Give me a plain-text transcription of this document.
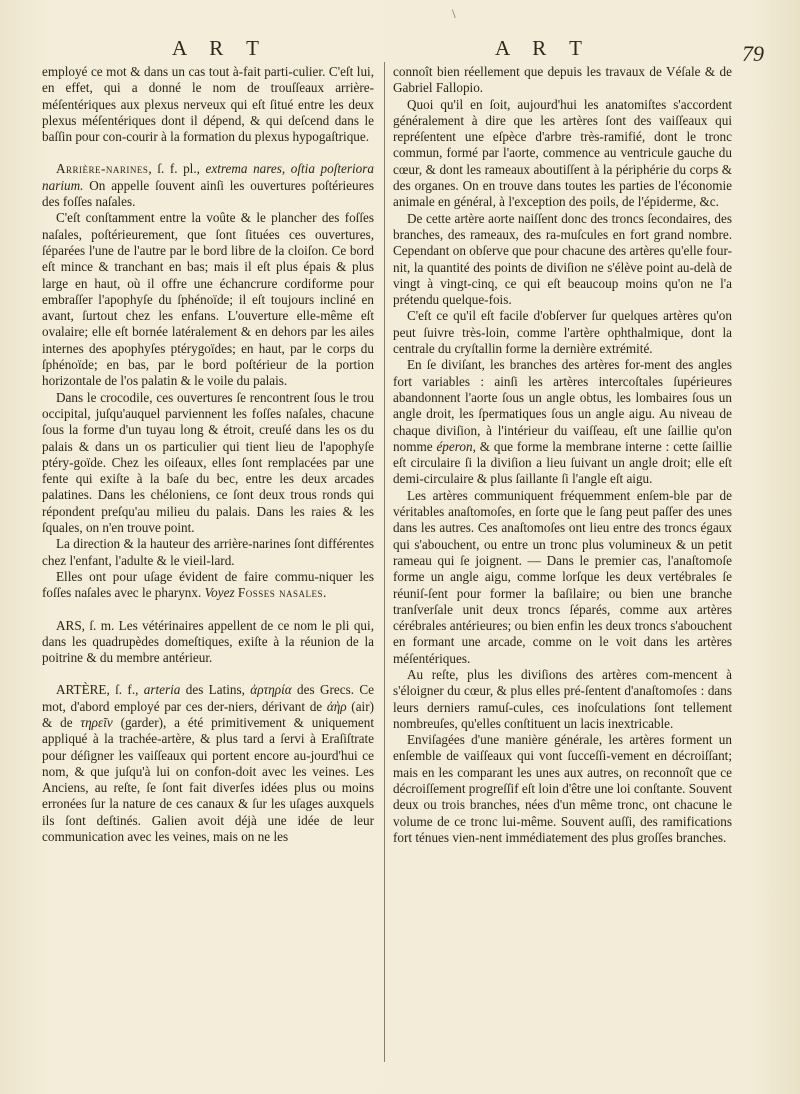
\
A R T	A R T	79

employé ce mot & dans un cas tout à-fait parti-culier. C'eſt lui, en effet, qui a donné le nom de trouſſeaux arrière-méſentériques aux plexus nerveux qui eſt ſitué entre les deux plexus méſentériques dont il dépend, & qui deſcend dans le baſſin pour con-courir à la formation du plexus hypogaſtrique.

Arrière-narines, ſ. f. pl., extrema nares, oſtia poſteriora narium. On appelle ſouvent ainſi les ouvertures poſtérieures des foſſes naſales.

C'eſt conſtamment entre la voûte & le plancher des foſſes naſales, poſtérieurement, que ſont ſituées ces ouvertures, ſéparées l'une de l'autre par le bord libre de la cloiſon. Ce bord eſt mince & tranchant en bas; mais il eſt plus épais & plus large en haut, où il offre une échancrure cordiforme pour embraſſer l'apophyſe du ſphénoïde; il eſt toujours incliné en avant, ſurtout chez les enfans. L'ouverture elle-même eſt ovalaire; elle eſt bornée latéralement & en dehors par les ailes internes des apophyſes ptérygoïdes; en haut, par le corps du ſphénoïde; en bas, par le bord poſtérieur de la portion horizontale de l'os palatin & le voile du palais.

Dans le crocodile, ces ouvertures ſe rencontrent ſous le trou occipital, juſqu'auquel parviennent les foſſes naſales, chacune ſous la forme d'un tuyau long & étroit, creuſé dans les os du palais & dans un os particulier qui tient lieu de l'apophyſe ptéry-goïde. Chez les oiſeaux, elles ſont remplacées par une fente qui exiſte à la baſe du bec, entre les deux arcades palatines. Dans les chéloniens, ce ſont deux trous ronds qui répondent preſqu'au milieu du palais. Dans les raies & les ſquales, on n'en trouve point.

La direction & la hauteur des arrière-narines ſont différentes chez l'enfant, l'adulte & le vieil-lard.

Elles ont pour uſage évident de faire commu-niquer les foſſes naſales avec le pharynx. Voyez Fosses nasales.

ARS, ſ. m. Les vétérinaires appellent de ce nom le pli qui, dans les quadrupèdes domeſtiques, exiſte à la réunion de la poitrine & du membre antérieur.

ARTÈRE, ſ. f., arteria des Latins, ἀρτηρία des Grecs. Ce mot, d'abord employé par ces der-niers, dérivant de ἀὴρ (air) & de τηρεῖν (garder), a été primitivement & uniquement appliqué à la trachée-artère, & plus tard a ſervi à Eraſiſtrate pour déſigner les vaiſſeaux qui portent encore au-jourd'hui ce nom, & que juſqu'à lui on confon-doit avec les veines. Les Anciens, au reſte, ſe ſont fait diverſes idées plus ou moins erronées ſur la nature de ces canaux & ſur les uſages auxquels ils ſont deſtinés. Galien avoit déjà une idée de leur communication avec les veines, mais on ne les

connoît bien réellement que depuis les travaux de Véſale & de Gabriel Fallopio.

Quoi qu'il en ſoit, aujourd'hui les anatomiſtes s'accordent généralement à dire que les artères ſont des vaiſſeaux qui repréſentent une eſpèce d'arbre très-ramifié, dont le tronc commun, formé par l'aorte, commence au ventricule gauche du cœur, & dont les rameaux aboutiſſent à la périphérie du corps & des organes. On en trouve dans toutes les parties de l'économie animale en général, à l'exception des poils, de l'épiderme, &c.

De cette artère aorte naiſſent donc des troncs ſecondaires, des branches, des rameaux, des ra-muſcules en fort grand nombre. Cependant on obſerve que pour chacune des artères qu'elle four-nit, la quantité des points de diviſion ne s'élève point au-delà de vingt à vingt-cinq, ce qui eſt beaucoup moins qu'on ne l'a prétendu quelque-fois.

C'eſt ce qu'il eſt facile d'obſerver ſur quelques artères qu'on peut ſuivre très-loin, comme l'artère ophthalmique, dont la centrale du cryſtallin forme la dernière extrémité.

En ſe diviſant, les branches des artères for-ment des angles fort variables : ainſi les artères intercoſtales ſupérieures abandonnent l'aorte ſous un angle obtus, les lombaires ſous un angle droit, les ſpermatiques ſous un angle aigu. Au niveau de chaque diviſion, à l'intérieur du vaiſſeau, eſt une ſaillie qu'on nomme éperon, & que forme la membrane interne : cette ſaillie eſt circulaire ſi la diviſion a lieu ſuivant un angle droit; elle eſt demi-circulaire & plus ſaillante ſi l'angle eſt aigu.

Les artères communiquent fréquemment enſem-ble par de véritables anaſtomoſes, en ſorte que le ſang peut paſſer des unes dans les autres. Ces anaſtomoſes ont lieu entre des troncs égaux qui s'abouchent, ou entre un tronc plus volumineux & un petit rameau qui ſe joignent. — Dans le premier cas, l'anaſtomoſe forme un angle aigu, comme lorſque les deux vertébrales ſe réuniſ-ſent pour former la baſilaire; ou bien une branche tranſverſale unit deux troncs ſéparés, comme aux artères cérébrales antérieures; ou bien enfin les deux troncs s'abouchent en formant une arcade, comme on le voit dans les artères méſentériques.

Au reſte, plus les diviſions des artères com-mencent à s'éloigner du cœur, & plus elles pré-ſentent d'anaſtomoſes : dans leurs derniers ramuſ-cules, ces inoſculations ſont tellement nombreuſes, qu'elles conſtituent un lacis inextricable.

Enviſagées d'une manière générale, les artères forment un enſemble de vaiſſeaux qui vont ſucceſſi-vement en décroiſſant; mais en les comparant les unes aux autres, on reconnoît que ce décroiſſement progreſſif eſt loin d'être une loi conſtante. Souvent deux ou trois branches, nées d'un même tronc, ont chacune le volume de ce tronc lui-même. Souvent auſſi, des ramifications fort ténues vien-nent immédiatement des plus groſſes branches.
